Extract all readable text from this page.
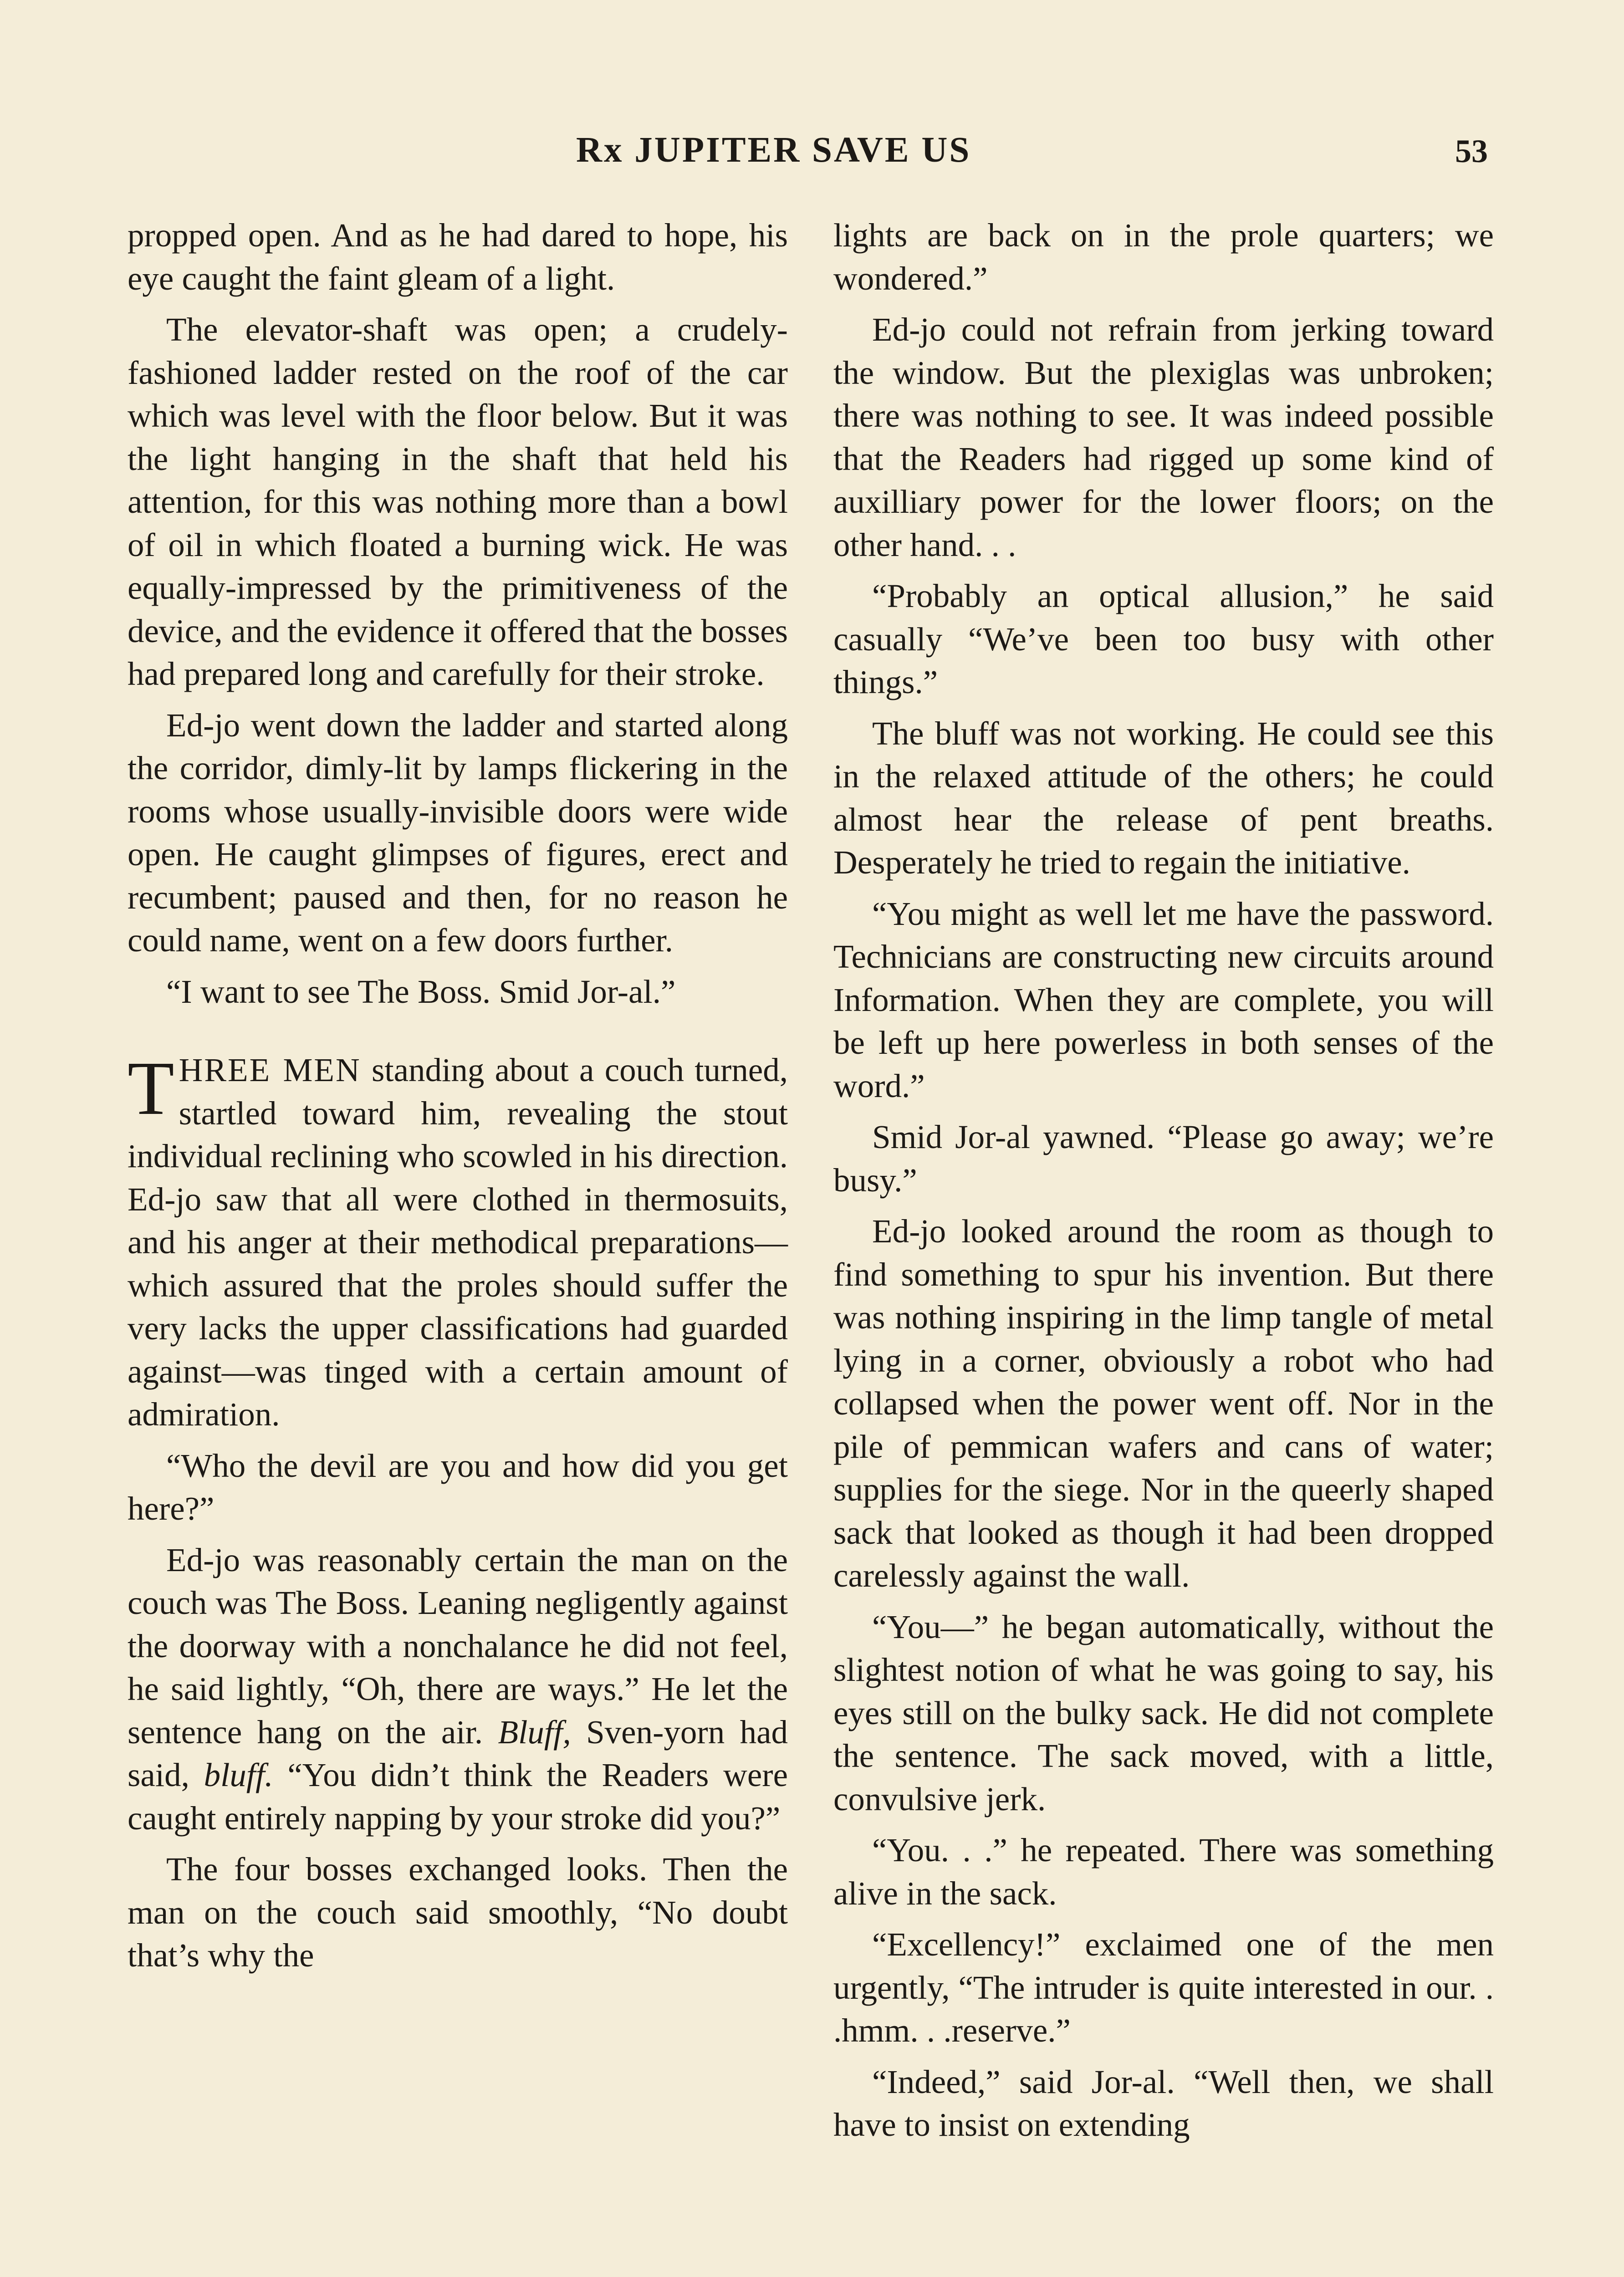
Rx JUPITER SAVE US	53

propped open. And as he had dared to hope, his eye caught the faint gleam of a light.

The elevator-shaft was open; a crudely-fashioned ladder rested on the roof of the car which was level with the floor below. But it was the light hanging in the shaft that held his attention, for this was nothing more than a bowl of oil in which floated a burning wick. He was equally-impressed by the primitiveness of the device, and the evidence it offered that the bosses had prepared long and carefully for their stroke.

Ed-jo went down the ladder and started along the corridor, dimly-lit by lamps flickering in the rooms whose usually-invisible doors were wide open. He caught glimpses of figures, erect and recumbent; paused and then, for no reason he could name, went on a few doors further.

“I want to see The Boss. Smid Jor-al.”

THREE MEN standing about a couch turned, startled toward him, revealing the stout individual reclining who scowled in his direction. Ed-jo saw that all were clothed in thermosuits, and his anger at their methodical preparations—which assured that the proles should suffer the very lacks the upper classifications had guarded against—was tinged with a certain amount of admiration.

“Who the devil are you and how did you get here?”

Ed-jo was reasonably certain the man on the couch was The Boss. Leaning negligently against the doorway with a nonchalance he did not feel, he said lightly, “Oh, there are ways.” He let the sentence hang on the air. Bluff, Sven-yorn had said, bluff. “You didn’t think the Readers were caught entirely napping by your stroke did you?”

The four bosses exchanged looks. Then the man on the couch said smoothly, “No doubt that’s why the

lights are back on in the prole quarters; we wondered.”

Ed-jo could not refrain from jerking toward the window. But the plexiglas was unbroken; there was nothing to see. It was indeed possible that the Readers had rigged up some kind of auxilliary power for the lower floors; on the other hand. . .

“Probably an optical allusion,” he said casually “We’ve been too busy with other things.”

The bluff was not working. He could see this in the relaxed attitude of the others; he could almost hear the release of pent breaths. Desperately he tried to regain the initiative.

“You might as well let me have the password. Technicians are constructing new circuits around Information. When they are complete, you will be left up here powerless in both senses of the word.”

Smid Jor-al yawned. “Please go away; we’re busy.”

Ed-jo looked around the room as though to find something to spur his invention. But there was nothing inspiring in the limp tangle of metal lying in a corner, obviously a robot who had collapsed when the power went off. Nor in the pile of pemmican wafers and cans of water; supplies for the siege. Nor in the queerly shaped sack that looked as though it had been dropped carelessly against the wall.

“You—” he began automatically, without the slightest notion of what he was going to say, his eyes still on the bulky sack. He did not complete the sentence. The sack moved, with a little, convulsive jerk.

“You. . .” he repeated. There was something alive in the sack.

“Excellency!” exclaimed one of the men urgently, “The intruder is quite interested in our. . .hmm. . .reserve.”

“Indeed,” said Jor-al. “Well then, we shall have to insist on extending
